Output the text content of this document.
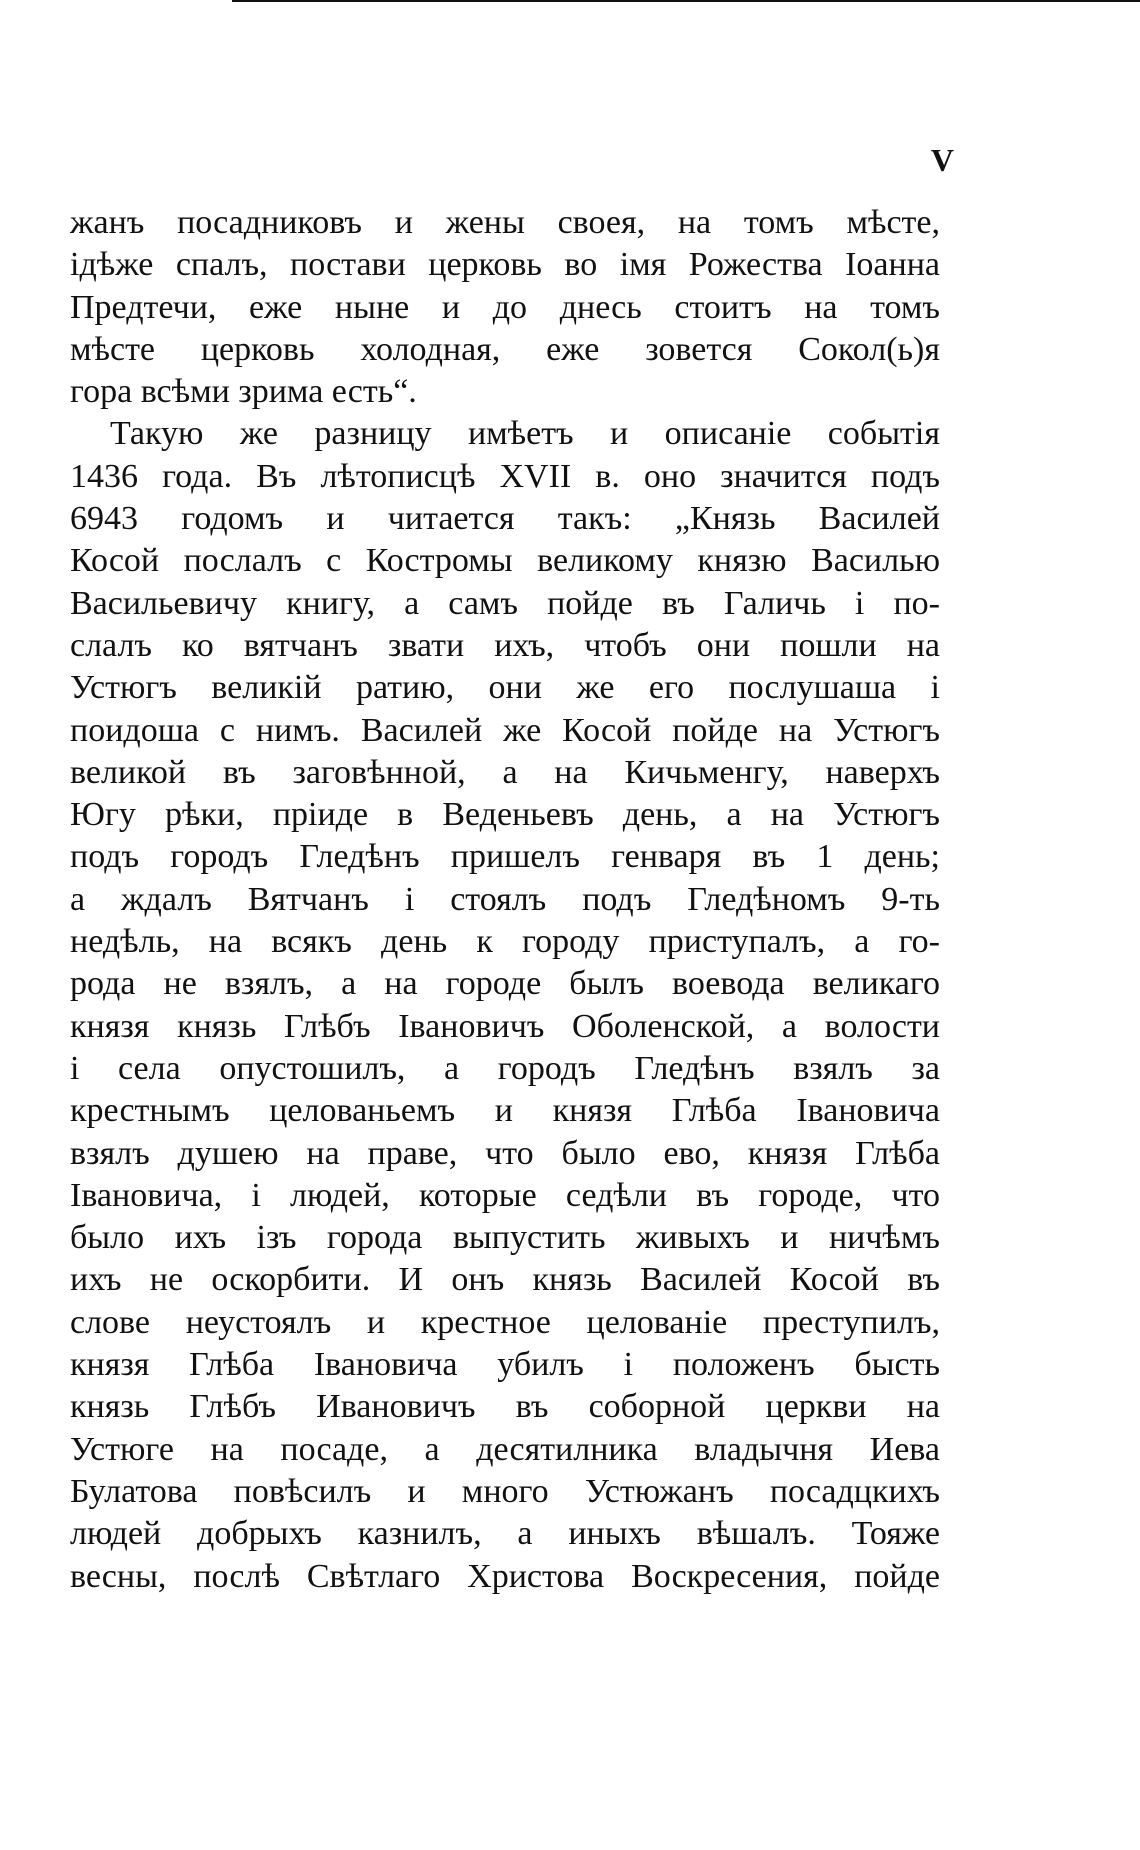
V
жанъ посадниковъ и жены своея, на томъ мѣсте,
iдѣже спалъ, постави церковь во iмя Рожества Iоанна
Предтечи, еже ныне и до днесь стоитъ на томъ
мѣсте церковь холодная, еже зовется Сокол(ь)я
гора всѣми зрима есть“.
Такую же разницу имѣетъ и описанiе событiя
1436 года. Въ лѣтописцѣ XVII в. оно значится подъ
6943 годомъ и читается такъ: „Князь Василей
Косой послалъ с Костромы великому князю Василью
Васильевичу книгу, а самъ пойде въ Галичь i по-
слалъ ко вятчанъ звати ихъ, чтобъ они пошли на
Устюгъ великiй ратию, они же его послушаша i
поидоша с нимъ. Василей же Косой пойде на Устюгъ
великой въ заговѣнной, а на Кичьменгу, наверхъ
Югу рѣки, прiиде в Веденьевъ день, а на Устюгъ
подъ городъ Гледѣнъ пришелъ генваря въ 1 день;
а ждалъ Вятчанъ i стоялъ подъ Гледѣномъ 9-ть
недѣль, на всякъ день к городу приступалъ, а го-
рода не взялъ, а на городе былъ воевода великаго
князя князь Глѣбъ Iвановичъ Оболенской, а волости
i села опустошилъ, а городъ Гледѣнъ взялъ за
крестнымъ целованьемъ и князя Глѣба Iвановича
взялъ душею на праве, что было ево, князя Глѣба
Iвановича, i людей, которые седѣли въ городе, что
было ихъ iзъ города выпустить живыхъ и ничѣмъ
ихъ не оскорбити. И онъ князь Василей Косой въ
слове неустоялъ и крестное целованiе преступилъ,
князя Глѣба Iвановича убилъ i положенъ бысть
князь Глѣбъ Ивановичъ въ соборной церкви на
Устюге на посаде, а десятилника владычня Иева
Булатова повѣсилъ и много Устюжанъ посадцкихъ
людей добрыхъ казнилъ, а иныхъ вѣшалъ. Тояже
весны, послѣ Свѣтлаго Христова Воскресения, пойде
